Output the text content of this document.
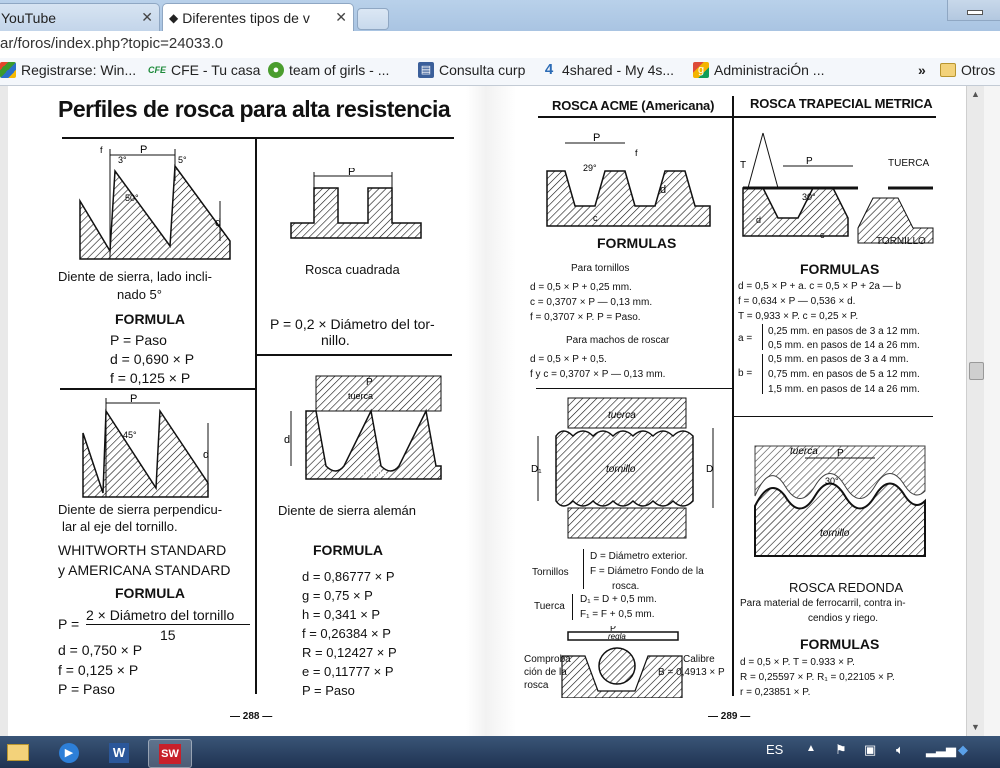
YouTube	✕ ◆ Diferentes tipos de v ✕
ar/foros/index.php?topic=24033.0
Registrarse: Win... CFE CFE - Tu casa	● team of girls - ...	▤ Consulta curp 4 4shared - My 4s...	g AdministraciÓn ...	»	Otros
Perfiles de rosca para alta resistencia
P
d
f
3°	5°
50°
Diente de sierra, lado incli-
nado 5°
FORMULA
P = Paso
d = 0,690 × P
f = 0,125 × P
P
Rosca cuadrada
P = 0,2 × Diámetro del tor-
nillo.
P
d
45°
Diente de sierra perpendicu-
lar al eje del tornillo.
WHITWORTH STANDARD
y AMERICANA STANDARD
FORMULA
P =
2 × Diámetro del tornillo
15
d = 0,750 × P
f = 0,125 × P
P = Paso
d
tuerca
tornillo
P
Diente de sierra alemán
FORMULA
d = 0,86777 × P
g = 0,75 × P
h = 0,341 × P
f = 0,26384 × P
R = 0,12427 × P
e = 0,11777 × P
P = Paso
— 288 —
ROSCA ACME (Americana)	ROSCA TRAPECIAL METRICA
P
29°
d
f
c
FORMULAS
Para tornillos
d = 0,5 × P + 0,25 mm.
c = 0,3707 × P — 0,13 mm.
f = 0,3707 × P. P = Paso.
Para machos de roscar
d = 0,5 × P + 0,5.
f y c = 0,3707 × P — 0,13 mm.
P
30°
T
d
c
TUERCA
TORNILLO
FORMULAS
d = 0,5 × P + a. c = 0,5 × P + 2a — b
f = 0,634 × P — 0,536 × d.
T = 0,933 × P. c = 0,25 × P.
a =
0,25 mm. en pasos de 3 a 12 mm.
0,5 mm. en pasos de 14 a 26 mm.
b =
0,5 mm. en pasos de 3 a 4 mm.
0,75 mm. en pasos de 5 a 12 mm.
1,5 mm. en pasos de 14 a 26 mm.
D₁	D
tuerca
tornillo
D = Diámetro exterior.
Tornillos F = Diámetro Fondo de la
rosca.
Tuerca
D₁ = D + 0,5 mm.
F₁ = F + 0,5 mm.
regla
P
Comproba
ción de la
rosca
Calibre
B = 0,4913 × P
P
30°
tuerca
tornillo
ROSCA REDONDA
Para material de ferrocarril, contra in-
cendios y riego.
FORMULAS
d = 0,5 × P. T = 0.933 × P.
R = 0,25597 × P. R₁ = 0,22105 × P.
r = 0,23851 × P.
— 289 —
▲
▼
▶	W	SW	ES ▲ ⚑ ▣ 🔈︎ ▂▃▅ ◆
